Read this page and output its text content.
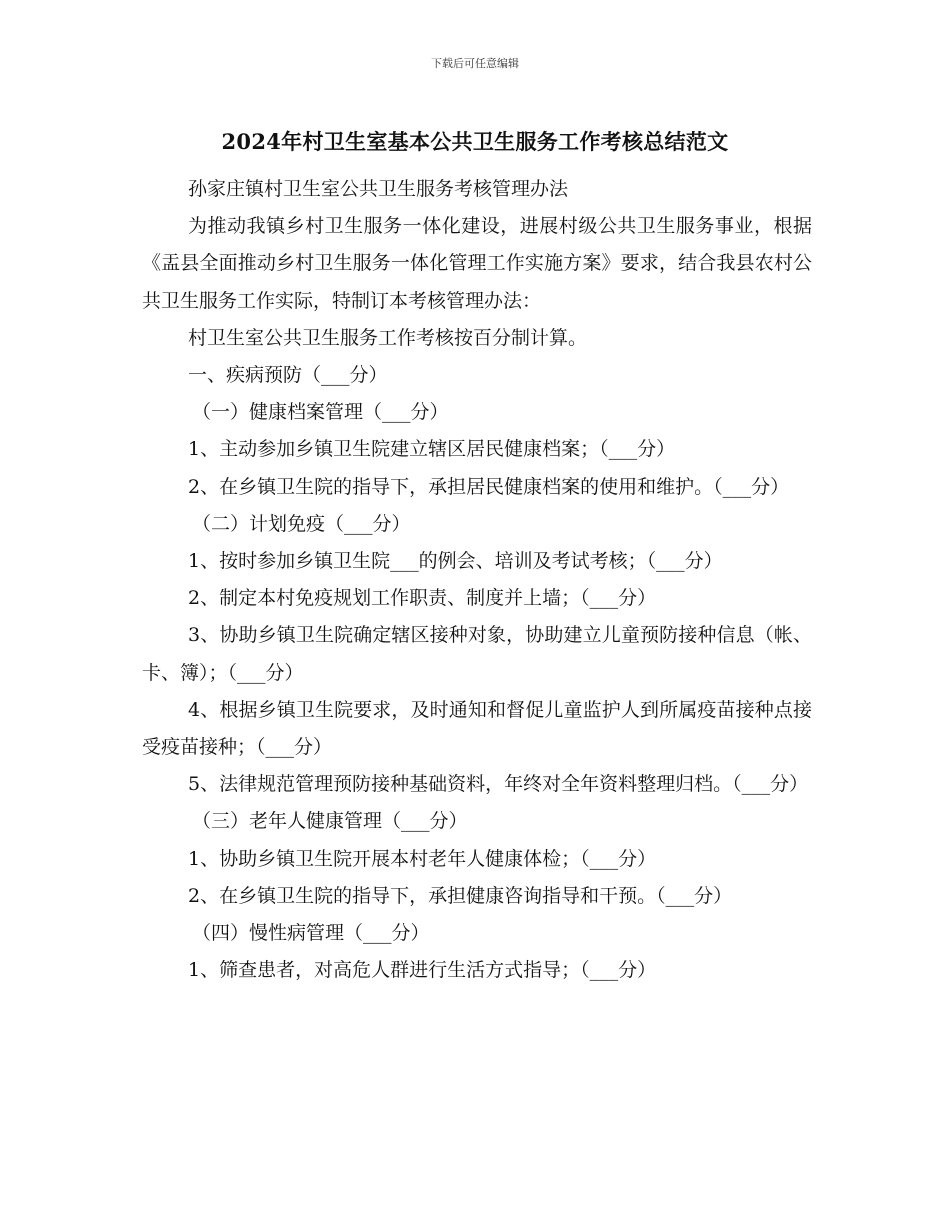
下载后可任意编辑
2024年村卫生室基本公共卫生服务工作考核总结范文

孙家庄镇村卫生室公共卫生服务考核管理办法

为推动我镇乡村卫生服务一体化建设，进展村级公共卫生服务事业，根据《盂县全面推动乡村卫生服务一体化管理工作实施方案》要求，结合我县农村公共卫生服务工作实际，特制订本考核管理办法：

村卫生室公共卫生服务工作考核按百分制计算。

一、疾病预防（___分）

（一）健康档案管理（___分）

1、主动参加乡镇卫生院建立辖区居民健康档案；（___分）

2、在乡镇卫生院的指导下，承担居民健康档案的使用和维护。（___分）

（二）计划免疫（___分）

1、按时参加乡镇卫生院___的例会、培训及考试考核；（___分）

2、制定本村免疫规划工作职责、制度并上墙；（___分）

3、协助乡镇卫生院确定辖区接种对象，协助建立儿童预防接种信息（帐、卡、簿）；（___分）

4、根据乡镇卫生院要求，及时通知和督促儿童监护人到所属疫苗接种点接受疫苗接种；（___分）

5、法律规范管理预防接种基础资料，年终对全年资料整理归档。（___分）

（三）老年人健康管理（___分）

1、协助乡镇卫生院开展本村老年人健康体检；（___分）

2、在乡镇卫生院的指导下，承担健康咨询指导和干预。（___分）

（四）慢性病管理（___分）

1、筛查患者，对高危人群进行生活方式指导；（___分）
